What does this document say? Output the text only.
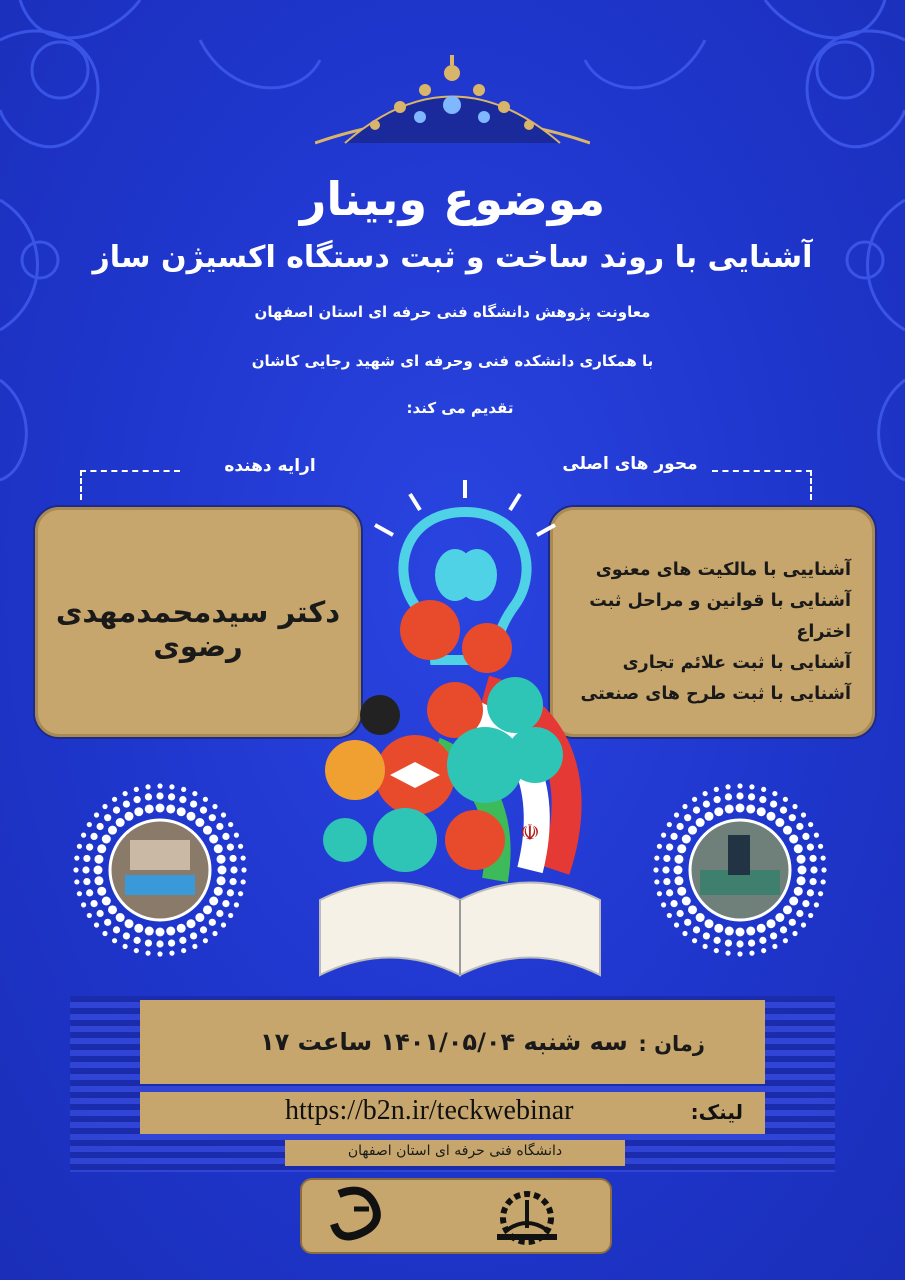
موضوع وبینار
آشنایی با روند ساخت و ثبت دستگاه اکسیژن ساز
معاونت پژوهش دانشگاه فنی حرفه ای استان اصفهان
با همکاری دانشکده فنی وحرفه ای شهید رجایی کاشان
تقدیم می کند:
ارایه دهنده	محور های اصلی
دکتر سیدمحمدمهدی رضوی
آشناییی با مالکیت های معنوی
آشنایی با قوانین و مراحل ثبت اختراع
آشنایی با ثبت علائم تجاری
آشنایی با ثبت طرح های صنعتی
☫
سه شنبه ۱۴۰۱/۰۵/۰۴ ساعت ۱۷ زمان :
https://b2n.ir/teckwebinar	لینک:
دانشگاه فنی حرفه ای استان اصفهان
